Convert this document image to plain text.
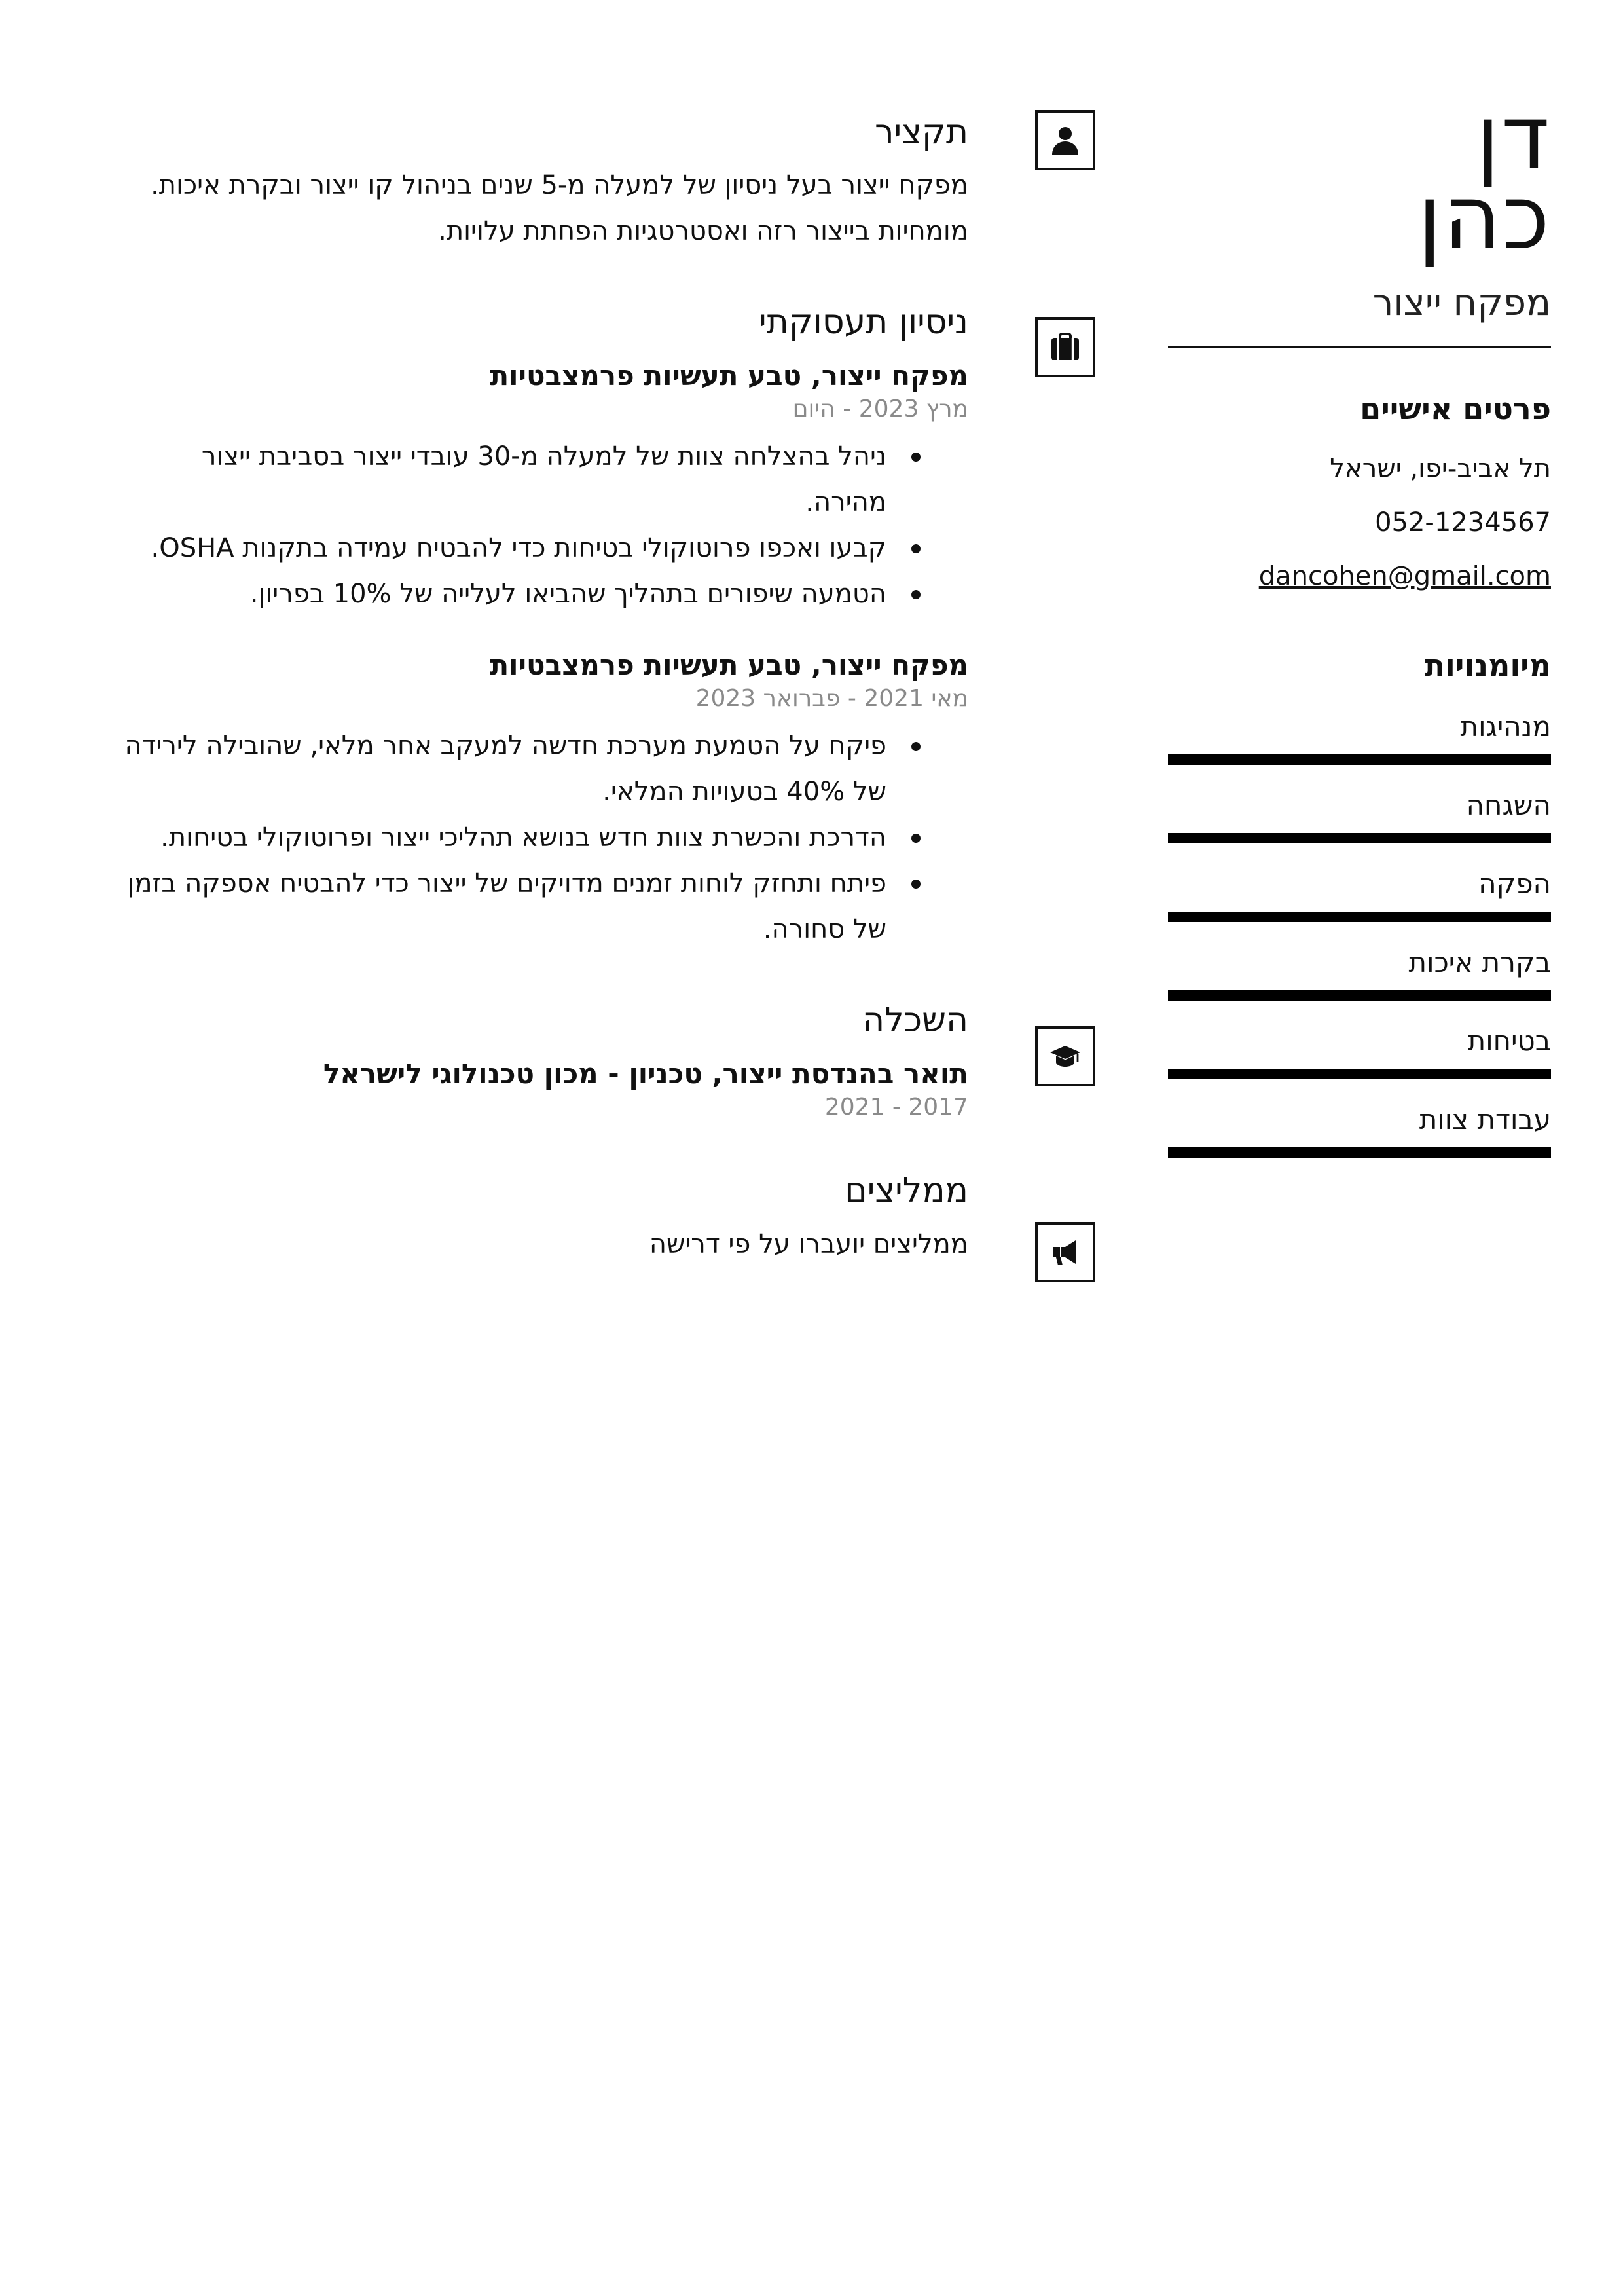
דן
כהן
מפקח ייצור
פרטים אישיים
תל אביב-יפו, ישראל
052-1234567
dancohen@gmail.com
מיומנויות
מנהיגות
השגחה
הפקה
בקרת איכות
בטיחות
עבודת צוות
תקציר
מפקח ייצור בעל ניסיון של למעלה מ-5 שנים בניהול קו ייצור ובקרת איכות. מומחיות בייצור רזה ואסטרטגיות הפחתת עלויות.
ניסיון תעסוקתי
מפקח ייצור, טבע תעשיות פרמצבטיות
מרץ 2023 - היום
ניהל בהצלחה צוות של למעלה מ-30 עובדי ייצור בסביבת ייצור מהירה.
קבעו ואכפו פרוטוקולי בטיחות כדי להבטיח עמידה בתקנות OSHA.
הטמעה שיפורים בתהליך שהביאו לעלייה של 10% בפריון.
מפקח ייצור, טבע תעשיות פרמצבטיות
מאי 2021 - פברואר 2023
פיקח על הטמעת מערכת חדשה למעקב אחר מלאי, שהובילה לירידה של 40% בטעויות המלאי.
הדרכת והכשרת צוות חדש בנושא תהליכי ייצור ופרוטוקולי בטיחות.
פיתח ותחזק לוחות זמנים מדויקים של ייצור כדי להבטיח אספקה בזמן של סחורה.
השכלה
תואר בהנדסת ייצור, טכניון - מכון טכנולוגי לישראל
2017 - 2021
ממליצים
ממליצים יועברו על פי דרישה
